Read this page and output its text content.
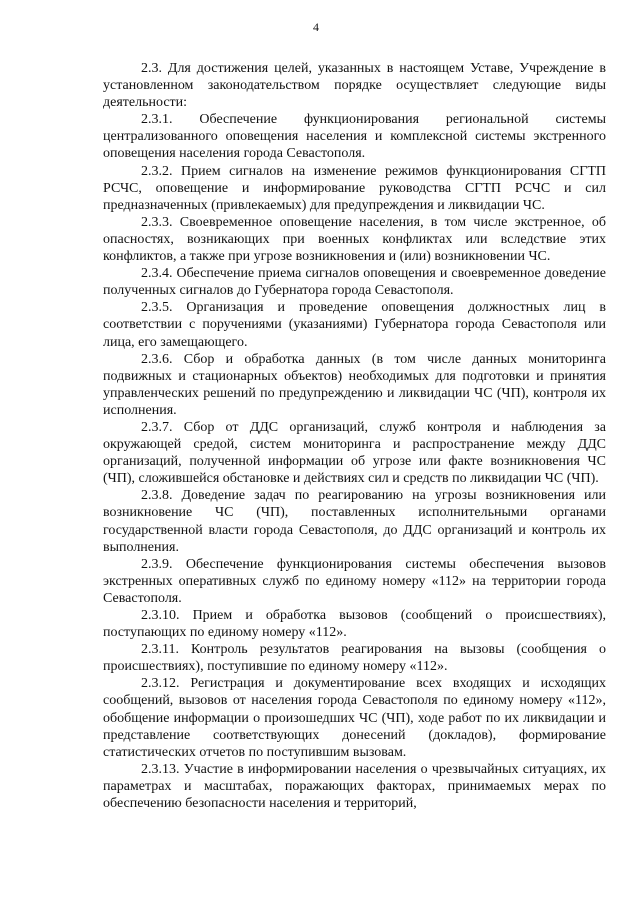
4

2.3. Для достижения целей, указанных в настоящем Уставе, Учреждение в установленном законодательством порядке осуществляет следующие виды деятельности:

2.3.1. Обеспечение функционирования региональной системы централизованного оповещения населения и комплексной системы экстренного оповещения населения города Севастополя.

2.3.2. Прием сигналов на изменение режимов функционирования СГТП РСЧС, оповещение и информирование руководства СГТП РСЧС и сил предназначенных (привлекаемых) для предупреждения и ликвидации ЧС.

2.3.3. Своевременное оповещение населения, в том числе экстренное, об опасностях, возникающих при военных конфликтах или вследствие этих конфликтов, а также при угрозе возникновения и (или) возникновении ЧС.

2.3.4. Обеспечение приема сигналов оповещения и своевременное доведение полученных сигналов до Губернатора города Севастополя.

2.3.5. Организация и проведение оповещения должностных лиц в соответствии с поручениями (указаниями) Губернатора города Севастополя или лица, его замещающего.

2.3.6. Сбор и обработка данных (в том числе данных мониторинга подвижных и стационарных объектов) необходимых для подготовки и принятия управленческих решений по предупреждению и ликвидации ЧС (ЧП), контроля их исполнения.

2.3.7. Сбор от ДДС организаций, служб контроля и наблюдения за окружающей средой, систем мониторинга и распространение между ДДС организаций, полученной информации об угрозе или факте возникновения ЧС (ЧП), сложившейся обстановке и действиях сил и средств по ликвидации ЧС (ЧП).

2.3.8. Доведение задач по реагированию на угрозы возникновения или возникновение ЧС (ЧП), поставленных исполнительными органами государственной власти города Севастополя, до ДДС организаций и контроль их выполнения.

2.3.9. Обеспечение функционирования системы обеспечения вызовов экстренных оперативных служб по единому номеру «112» на территории города Севастополя.

2.3.10. Прием и обработка вызовов (сообщений о происшествиях), поступающих по единому номеру «112».

2.3.11. Контроль результатов реагирования на вызовы (сообщения о происшествиях), поступившие по единому номеру «112».

2.3.12. Регистрация и документирование всех входящих и исходящих сообщений, вызовов от населения города Севастополя по единому номеру «112», обобщение информации о произошедших ЧС (ЧП), ходе работ по их ликвидации и представление соответствующих донесений (докладов), формирование статистических отчетов по поступившим вызовам.

2.3.13. Участие в информировании населения о чрезвычайных ситуациях, их параметрах и масштабах, поражающих факторах, принимаемых мерах по обеспечению безопасности населения и территорий,
